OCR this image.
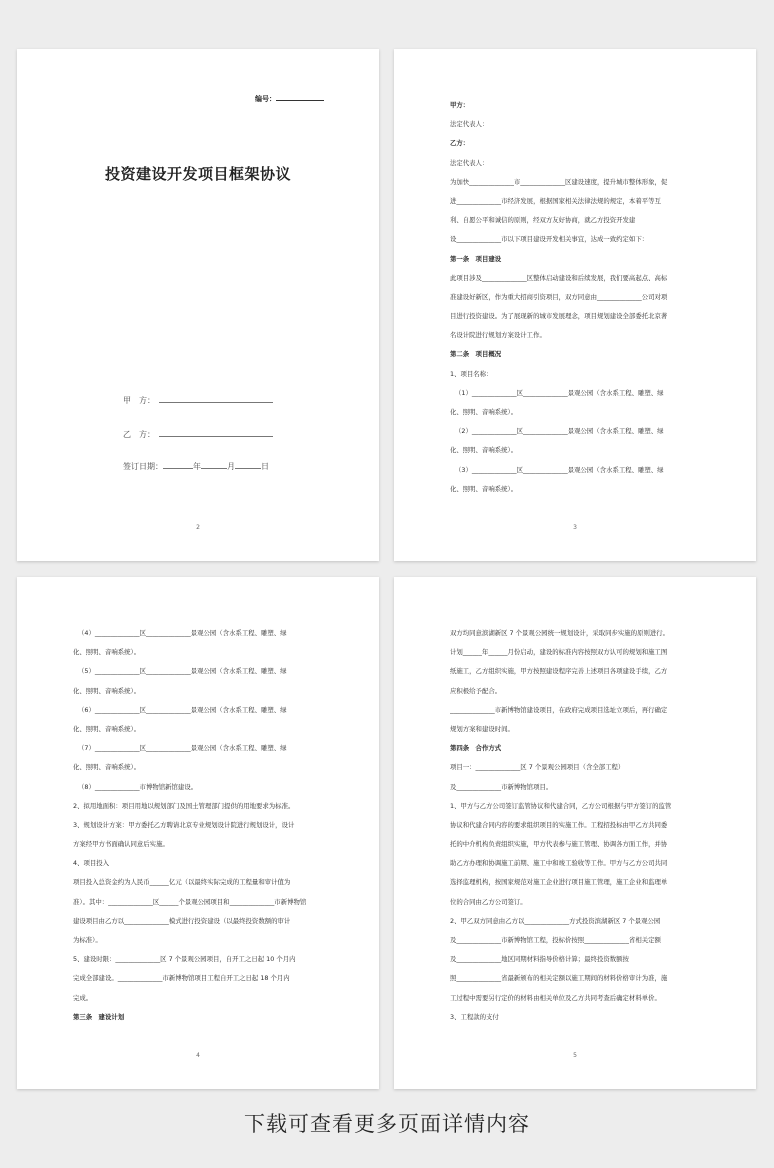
编号：
投资建设开发项目框架协议
甲　方：
乙　方：
签订日期：	年	月	日
2
甲方：
法定代表人：
乙方：
法定代表人：
为加快______________市______________区建设速度，提升城市整体形象，促
进______________市经济发展，根据国家相关法律法规的规定，本着平等互
利、自愿公平和诚信的原则，经双方友好协商，就乙方投资开发建
设______________市以下项目建设开发相关事宜，达成一致约定如下：
第一条　项目建设
此项目涉及______________区整体启动建设和后续发展，我们要高起点、高标
准建设好新区，作为重大招商引资项目，双方同意由______________公司对项
目进行投资建设。为了展现新的城市发展理念，项目规划建设全部委托北京著
名设计院进行规划方案设计工作。
第二条　项目概况
1、项目名称：
（1）______________区______________景观公园（含水系工程、雕塑、绿
化、照明、音响系统）。
（2）______________区______________景观公园（含水系工程、雕塑、绿
化、照明、音响系统）。
（3）______________区______________景观公园（含水系工程、雕塑、绿
化、照明、音响系统）。
3
（4）______________区______________景观公园（含水系工程、雕塑、绿
化、照明、音响系统）。
（5）______________区______________景观公园（含水系工程、雕塑、绿
化、照明、音响系统）。
（6）______________区______________景观公园（含水系工程、雕塑、绿
化、照明、音响系统）。
（7）______________区______________景观公园（含水系工程、雕塑、绿
化、照明、音响系统）。
（8）______________市博物馆新馆建设。
2、拟用地面积：项目用地以规划部门及国土管理部门提供的用地要求为标准。
3、规划设计方案：甲方委托乙方聘请北京专业规划设计院进行规划设计，设计
方案经甲方书面确认同意后实施。
4、项目投入
项目投入总资金约为人民币______亿元（以最终实际完成的工程量和审计值为
准）。其中：______________区______个景观公园项目和______________市新博物馆
建设项目由乙方以______________模式进行投资建设（以最终投资数额的审计
为标准）。
5、建设时限：______________区 7 个景观公园项目，自开工之日起 10 个月内
完成全部建设。______________市新博物馆项目工程自开工之日起 18 个月内
完成。
第三条　建设计划
4
双方均同意滨湖新区 7 个景观公园统一规划设计，采取同步实施的原则进行。
计划______年______月份启动，建设的标准内容按照双方认可的规划和施工图
纸施工，乙方组织实施，甲方按照建设程序完善上述项目各项建设手续，乙方
应积极给予配合。
______________市新博物馆建设项目，在政府完成项目选址立项后，再行确定
规划方案和建设时间。
第四条　合作方式
项目一：______________区 7 个景观公园项目（含全部工程）
及______________市新博物馆项目。
1、甲方与乙方公司签订监管协议和代建合同，乙方公司根据与甲方签订的监管
协议和代建合同内容的要求组织项目的实施工作。工程招投标由甲乙方共同委
托的中介机构负责组织实施，甲方代表参与施工管理、协调各方面工作，并协
助乙方办理和协调施工前期、施工中和竣工验收等工作。甲方与乙方公司共同
选择监理机构，按国家规范对施工企业进行项目施工管理，施工企业和监理单
位的合同由乙方公司签订。
2、甲乙双方同意由乙方以______________方式投资滨湖新区 7 个景观公园
及______________市新博物馆工程，投标价按照______________省相关定额
及______________地区同期材料指导价格计算；最终投资数额按
照______________省最新颁布的相关定额以施工期间的材料价格审计为准，施
工过程中需要另行定价的材料由相关单位及乙方共同考查后确定材料单价。
3、工程款的支付
5
下载可查看更多页面详情内容
